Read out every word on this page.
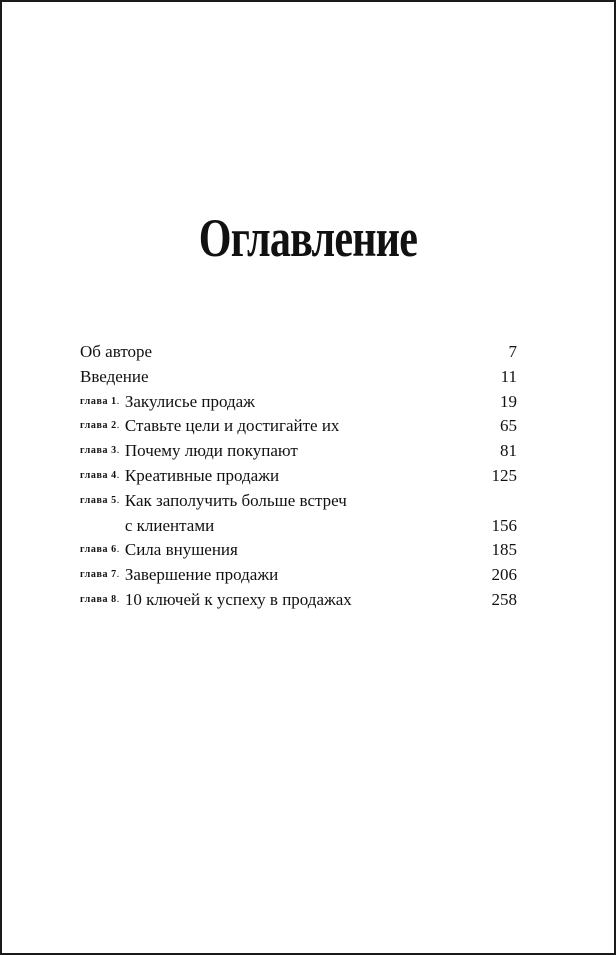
Оглавление
Об авторе	7
Введение	11
глава 1. Закулисье продаж	19
глава 2. Ставьте цели и достигайте их	65
глава 3. Почему люди покупают	81
глава 4. Креативные продажи	125
глава 5. Как заполучить больше встреч
с клиентами	156
глава 6. Сила внушения	185
глава 7. Завершение продажи	206
глава 8. 10 ключей к успеху в продажах	258
